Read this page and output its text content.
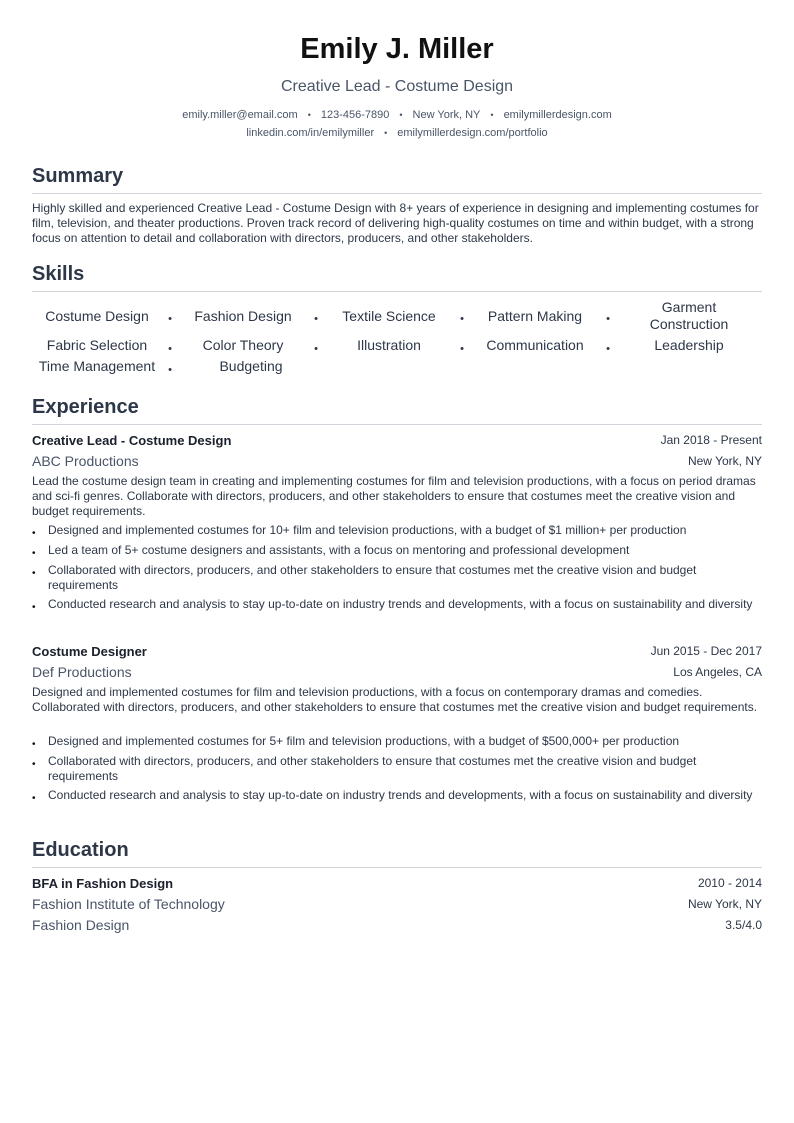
Emily J. Miller
Creative Lead - Costume Design
emily.miller@email.com • 123-456-7890 • New York, NY • emilymillerdesign.com
linkedin.com/in/emilymiller • emilymillerdesign.com/portfolio
Summary
Highly skilled and experienced Creative Lead - Costume Design with 8+ years of experience in designing and implementing costumes for film, television, and theater productions. Proven track record of delivering high-quality costumes on time and within budget, with a strong focus on attention to detail and collaboration with directors, producers, and other stakeholders.
Skills
Costume Design	•	Fashion Design	•	Textile Science	•	Pattern Making	•
Garment Construction
Fabric Selection	•	Color Theory	•	Illustration	•	Communication	•	Leadership
Time Management	•	Budgeting
Experience
Creative Lead - Costume Design	Jan 2018 - Present
ABC Productions	New York, NY
Lead the costume design team in creating and implementing costumes for film and television productions, with a focus on period dramas and sci-fi genres. Collaborate with directors, producers, and other stakeholders to ensure that costumes meet the creative vision and budget requirements.
• Designed and implemented costumes for 10+ film and television productions, with a budget of $1 million+ per production
• Led a team of 5+ costume designers and assistants, with a focus on mentoring and professional development
• Collaborated with directors, producers, and other stakeholders to ensure that costumes met the creative vision and budget requirements
• Conducted research and analysis to stay up-to-date on industry trends and developments, with a focus on sustainability and diversity
Costume Designer	Jun 2015 - Dec 2017
Def Productions	Los Angeles, CA
Designed and implemented costumes for film and television productions, with a focus on contemporary dramas and comedies. Collaborated with directors, producers, and other stakeholders to ensure that costumes met the creative vision and budget requirements.
• Designed and implemented costumes for 5+ film and television productions, with a budget of $500,000+ per production
• Collaborated with directors, producers, and other stakeholders to ensure that costumes met the creative vision and budget requirements
• Conducted research and analysis to stay up-to-date on industry trends and developments, with a focus on sustainability and diversity
Education
BFA in Fashion Design	2010 - 2014
Fashion Institute of Technology	New York, NY
Fashion Design	3.5/4.0
